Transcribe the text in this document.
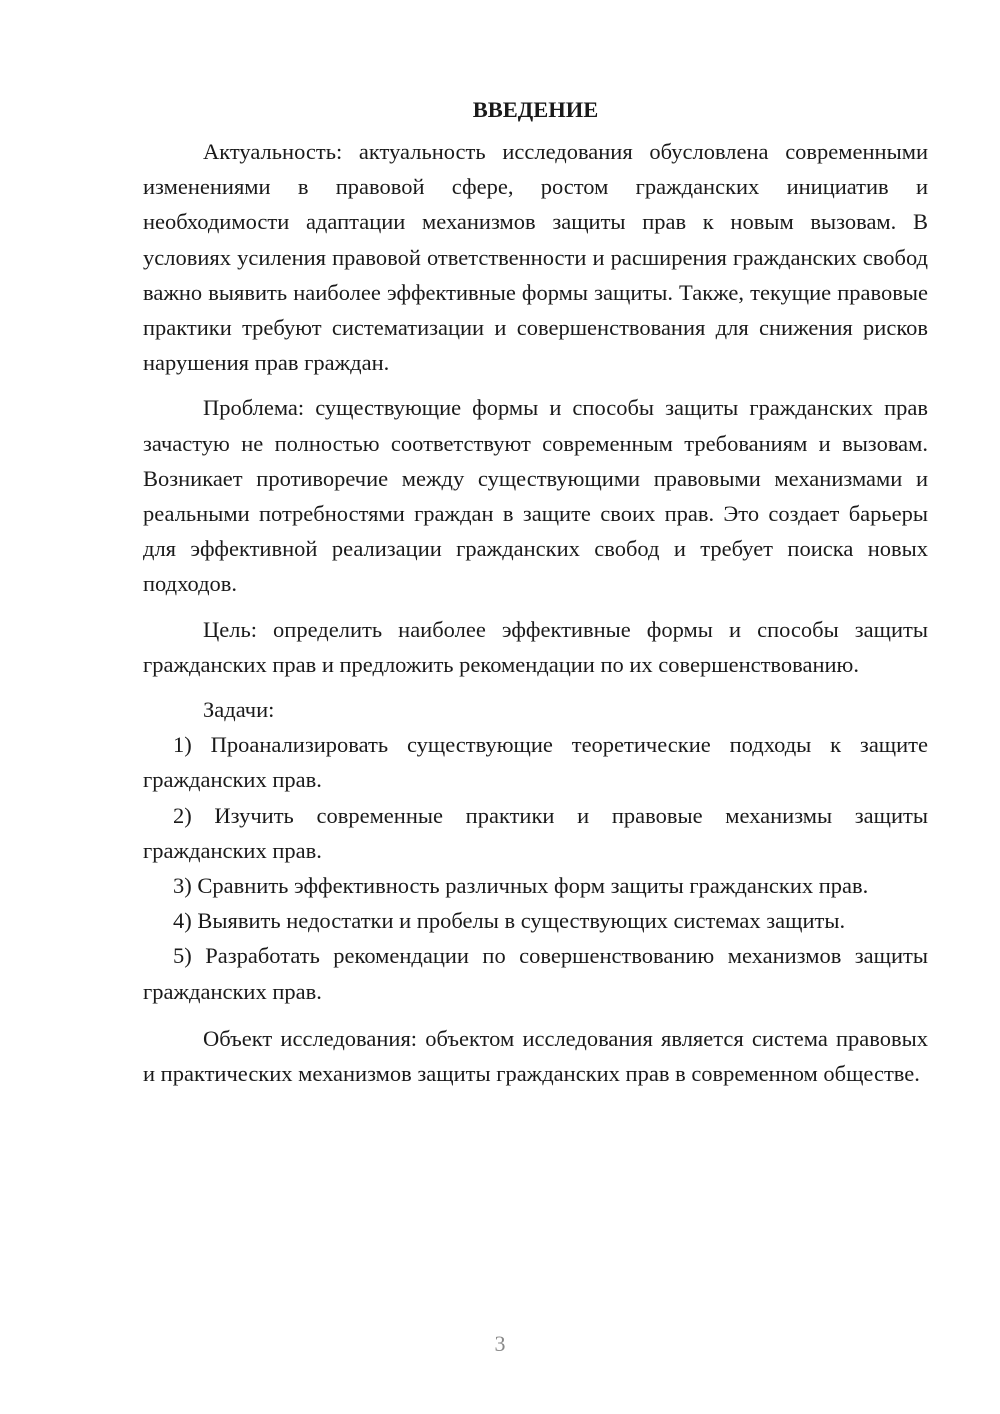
ВВЕДЕНИЕ

Актуальность: актуальность исследования обусловлена современными изменениями в правовой сфере, ростом гражданских инициатив и необходимости адаптации механизмов защиты прав к новым вызовам. В условиях усиления правовой ответственности и расширения гражданских свобод важно выявить наиболее эффективные формы защиты. Также, текущие правовые практики требуют систематизации и совершенствования для снижения рисков нарушения прав граждан.

Проблема: существующие формы и способы защиты гражданских прав зачастую не полностью соответствуют современным требованиям и вызовам. Возникает противоречие между существующими правовыми механизмами и реальными потребностями граждан в защите своих прав. Это создает барьеры для эффективной реализации гражданских свобод и требует поиска новых подходов.

Цель: определить наиболее эффективные формы и способы защиты гражданских прав и предложить рекомендации по их совершенствованию.

Задачи:

1) Проанализировать существующие теоретические подходы к защите гражданских прав.

2) Изучить современные практики и правовые механизмы защиты гражданских прав.

3) Сравнить эффективность различных форм защиты гражданских прав.

4) Выявить недостатки и пробелы в существующих системах защиты.

5) Разработать рекомендации по совершенствованию механизмов защиты гражданских прав.

Объект исследования: объектом исследования является система правовых и практических механизмов защиты гражданских прав в современном обществе.

3
